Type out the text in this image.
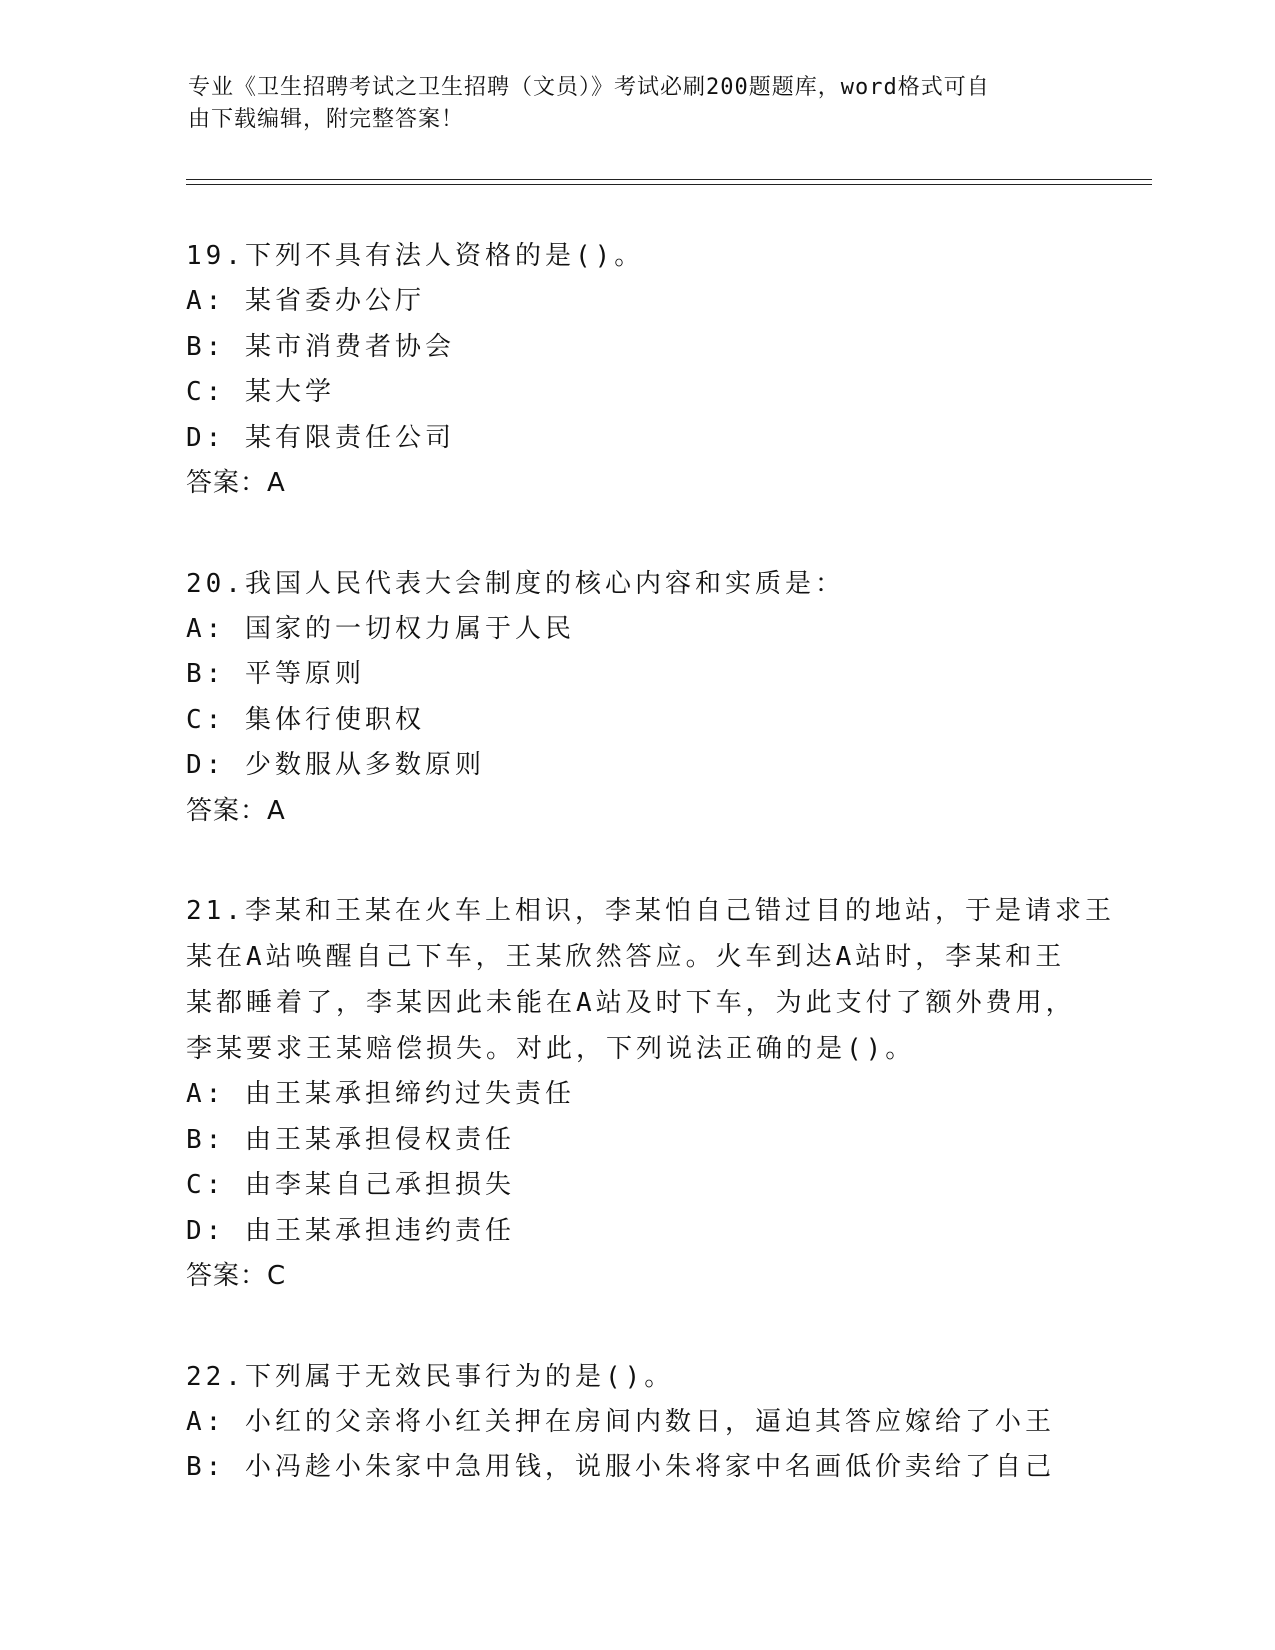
专业《卫生招聘考试之卫生招聘（文员）》考试必刷200题题库，word格式可自
由下载编辑，附完整答案！
19.下列不具有法人资格的是()。
A: 某省委办公厅
B: 某市消费者协会
C: 某大学
D: 某有限责任公司
答案：A
20.我国人民代表大会制度的核心内容和实质是：
A: 国家的一切权力属于人民
B: 平等原则
C: 集体行使职权
D: 少数服从多数原则
答案：A
21.李某和王某在火车上相识，李某怕自己错过目的地站，于是请求王
某在A站唤醒自己下车，王某欣然答应。火车到达A站时，李某和王
某都睡着了，李某因此未能在A站及时下车，为此支付了额外费用，
李某要求王某赔偿损失。对此，下列说法正确的是()。
A: 由王某承担缔约过失责任
B: 由王某承担侵权责任
C: 由李某自己承担损失
D: 由王某承担违约责任
答案：C
22.下列属于无效民事行为的是()。
A: 小红的父亲将小红关押在房间内数日，逼迫其答应嫁给了小王
B: 小冯趁小朱家中急用钱，说服小朱将家中名画低价卖给了自己
